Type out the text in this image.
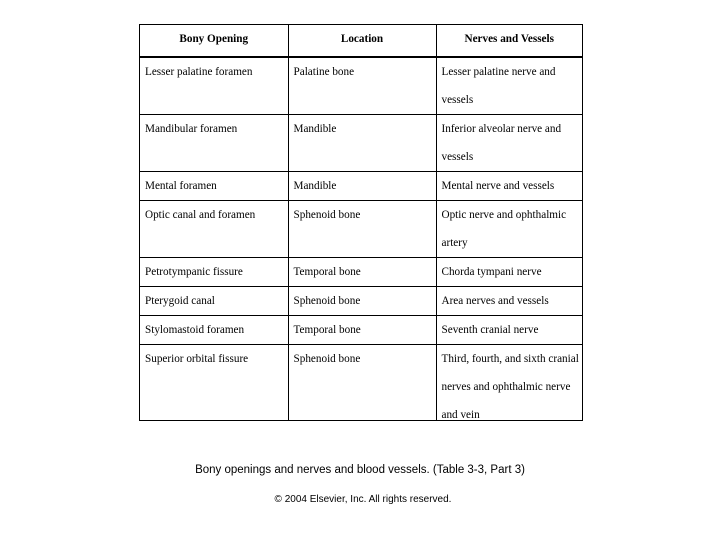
Bony Opening	Location	Nerves and Vessels
Lesser palatine foramen	Palatine bone	Lesser palatine nerve and vessels
Mandibular foramen	Mandible	Inferior alveolar nerve and vessels
Mental foramen	Mandible	Mental nerve and vessels
Optic canal and foramen	Sphenoid bone	Optic nerve and ophthalmic artery
Petrotympanic fissure	Temporal bone	Chorda tympani nerve
Pterygoid canal	Sphenoid bone	Area nerves and vessels
Stylomastoid foramen	Temporal bone	Seventh cranial nerve
Superior orbital fissure	Sphenoid bone	Third, fourth, and sixth cranial nerves and ophthalmic nerve and vein
Bony openings and nerves and blood vessels. (Table 3-3, Part 3)
© 2004 Elsevier, Inc. All rights reserved.
